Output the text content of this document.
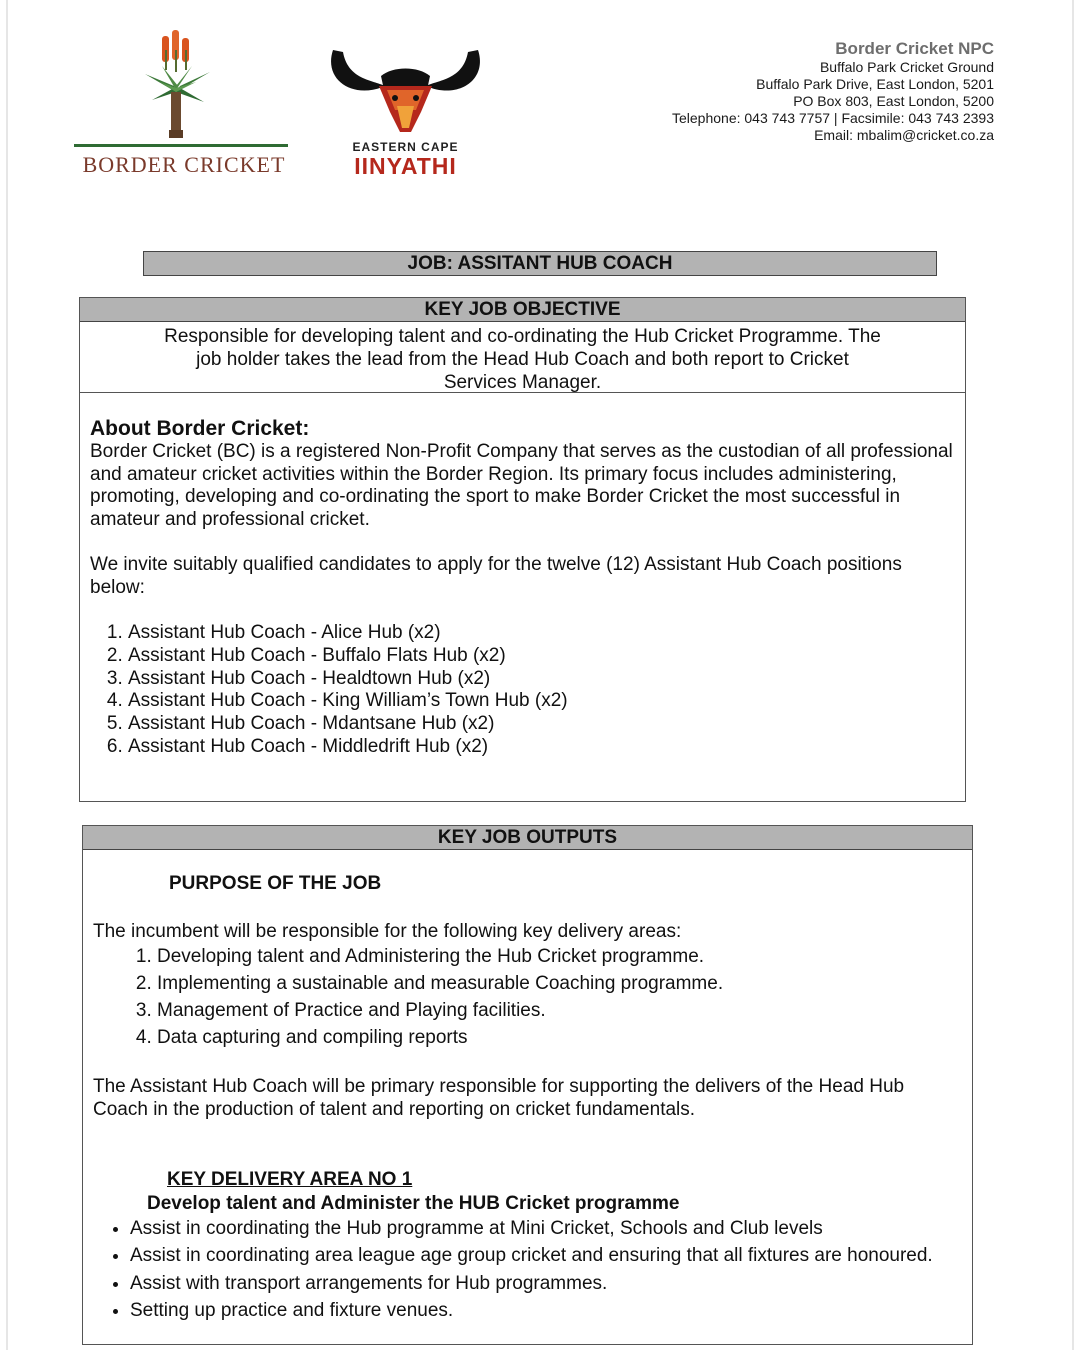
BORDER CRICKET
EASTERN CAPE
IINYATHI
Border Cricket NPC
Buffalo Park Cricket Ground
Buffalo Park Drive, East London, 5201
PO Box 803, East London, 5200
Telephone: 043 743 7757 | Facsimile: 043 743 2393
Email: mbalim@cricket.co.za
JOB: ASSITANT HUB COACH
KEY JOB OBJECTIVE
Responsible for developing talent and co-ordinating the Hub Cricket Programme. The job holder takes the lead from the Head Hub Coach and both report to Cricket Services Manager.
About Border Cricket:

Border Cricket (BC) is a registered Non-Profit Company that serves as the custodian of all professional and amateur cricket activities within the Border Region. Its primary focus includes administering, promoting, developing and co-ordinating the sport to make Border Cricket the most successful in amateur and professional cricket.

We invite suitably qualified candidates to apply for the twelve (12) Assistant Hub Coach positions below:

1. Assistant Hub Coach - Alice Hub (x2)
2. Assistant Hub Coach - Buffalo Flats Hub (x2)
3. Assistant Hub Coach - Healdtown Hub (x2)
4. Assistant Hub Coach - King William’s Town Hub (x2)
5. Assistant Hub Coach - Mdantsane Hub (x2)
6. Assistant Hub Coach - Middledrift Hub (x2)
KEY JOB OUTPUTS
PURPOSE OF THE JOB
The incumbent will be responsible for the following key delivery areas:
1. Developing talent and Administering the Hub Cricket programme.
2. Implementing a sustainable and measurable Coaching programme.
3. Management of Practice and Playing facilities.
4. Data capturing and compiling reports
The Assistant Hub Coach will be primary responsible for supporting the delivers of the Head Hub Coach in the production of talent and reporting on cricket fundamentals.
KEY DELIVERY AREA NO 1
Develop talent and Administer the HUB Cricket programme
• Assist in coordinating the Hub programme at Mini Cricket, Schools and Club levels
• Assist in coordinating area league age group cricket and ensuring that all fixtures are honoured.
• Assist with transport arrangements for Hub programmes.
• Setting up practice and fixture venues.
